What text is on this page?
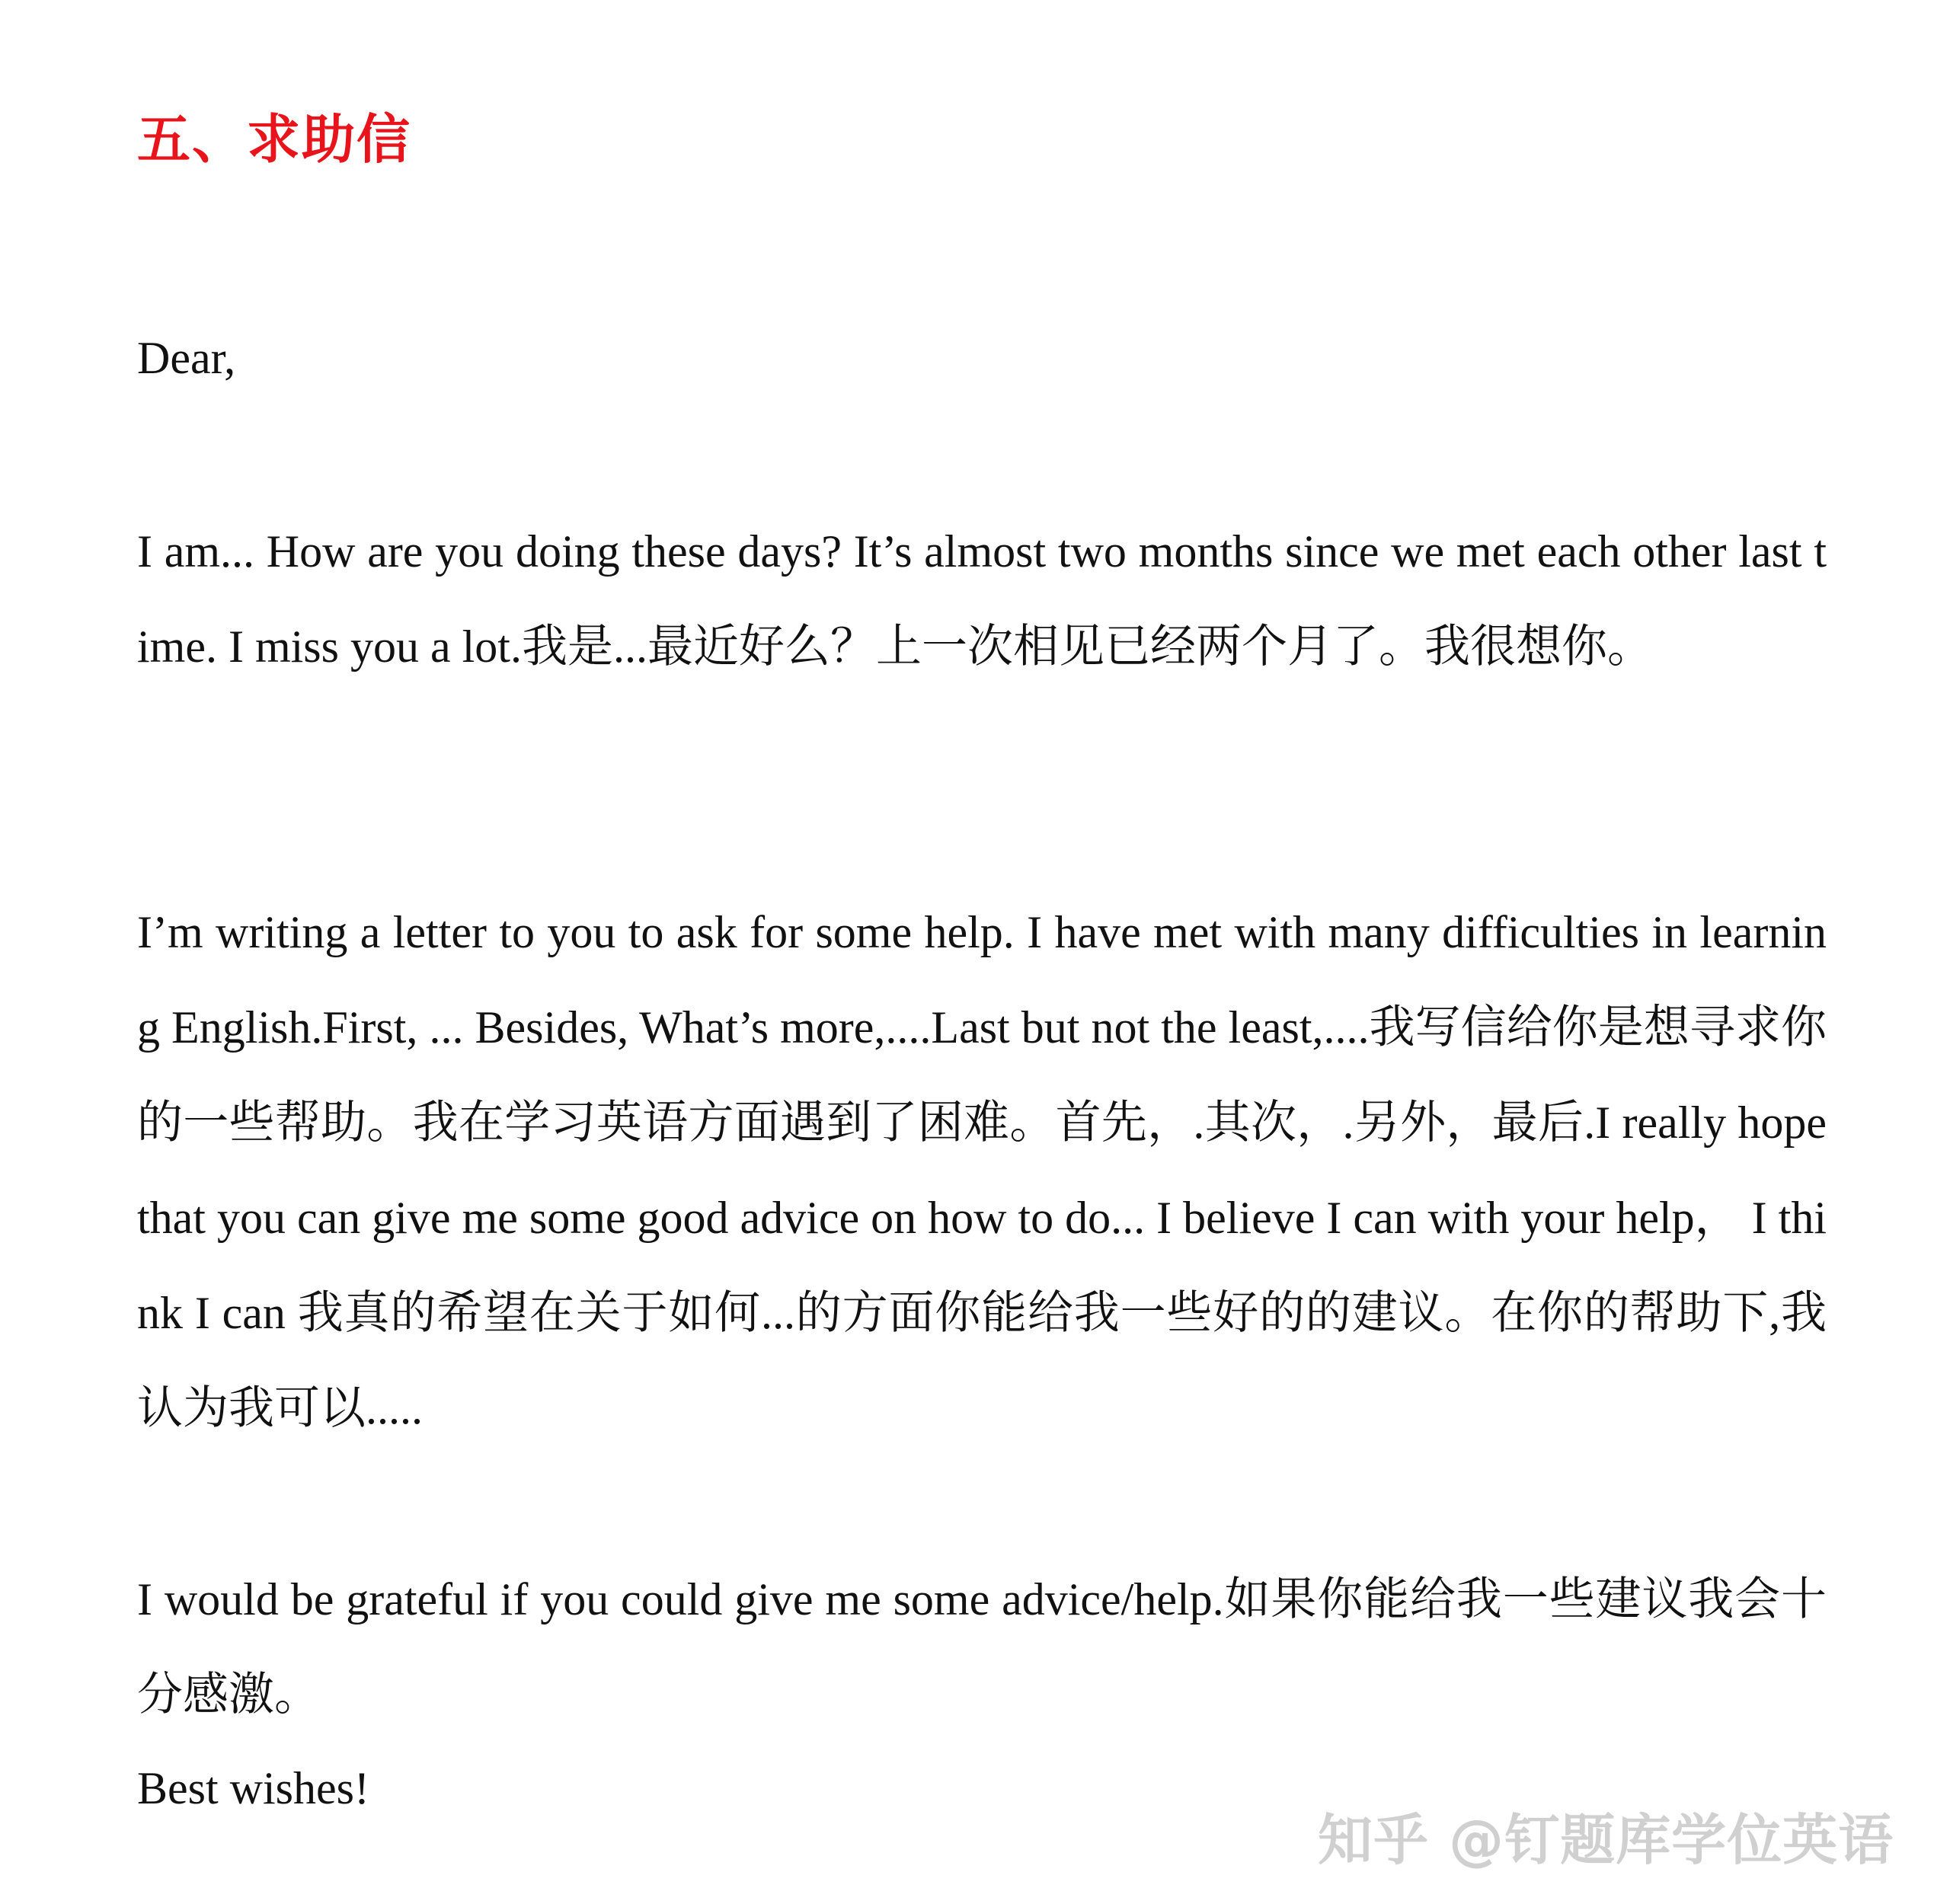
五、求助信
Dear,
I am... How are you doing these days? It’s almost two months since we met each other last time. I miss you a lot.我是...最近好么？上一次相见已经两个月了。我很想你。
I’m writing a letter to you to ask for some help. I have met with many difficulties in learning English.First, ... Besides, What’s more,....Last but not the least,....我写信给你是想寻求你的一些帮助。我在学习英语方面遇到了困难。首先，.其次，.另外，最后.I really hope that you can give me some good advice on how to do... I believe I can with your help， I think I can 我真的希望在关于如何...的方面你能给我一些好的的建议。在你的帮助下,我认为我可以.....
I would be grateful if you could give me some advice/help.如果你能给我一些建议我会十分感激。
Best wishes!
知乎 @钉题库学位英语
